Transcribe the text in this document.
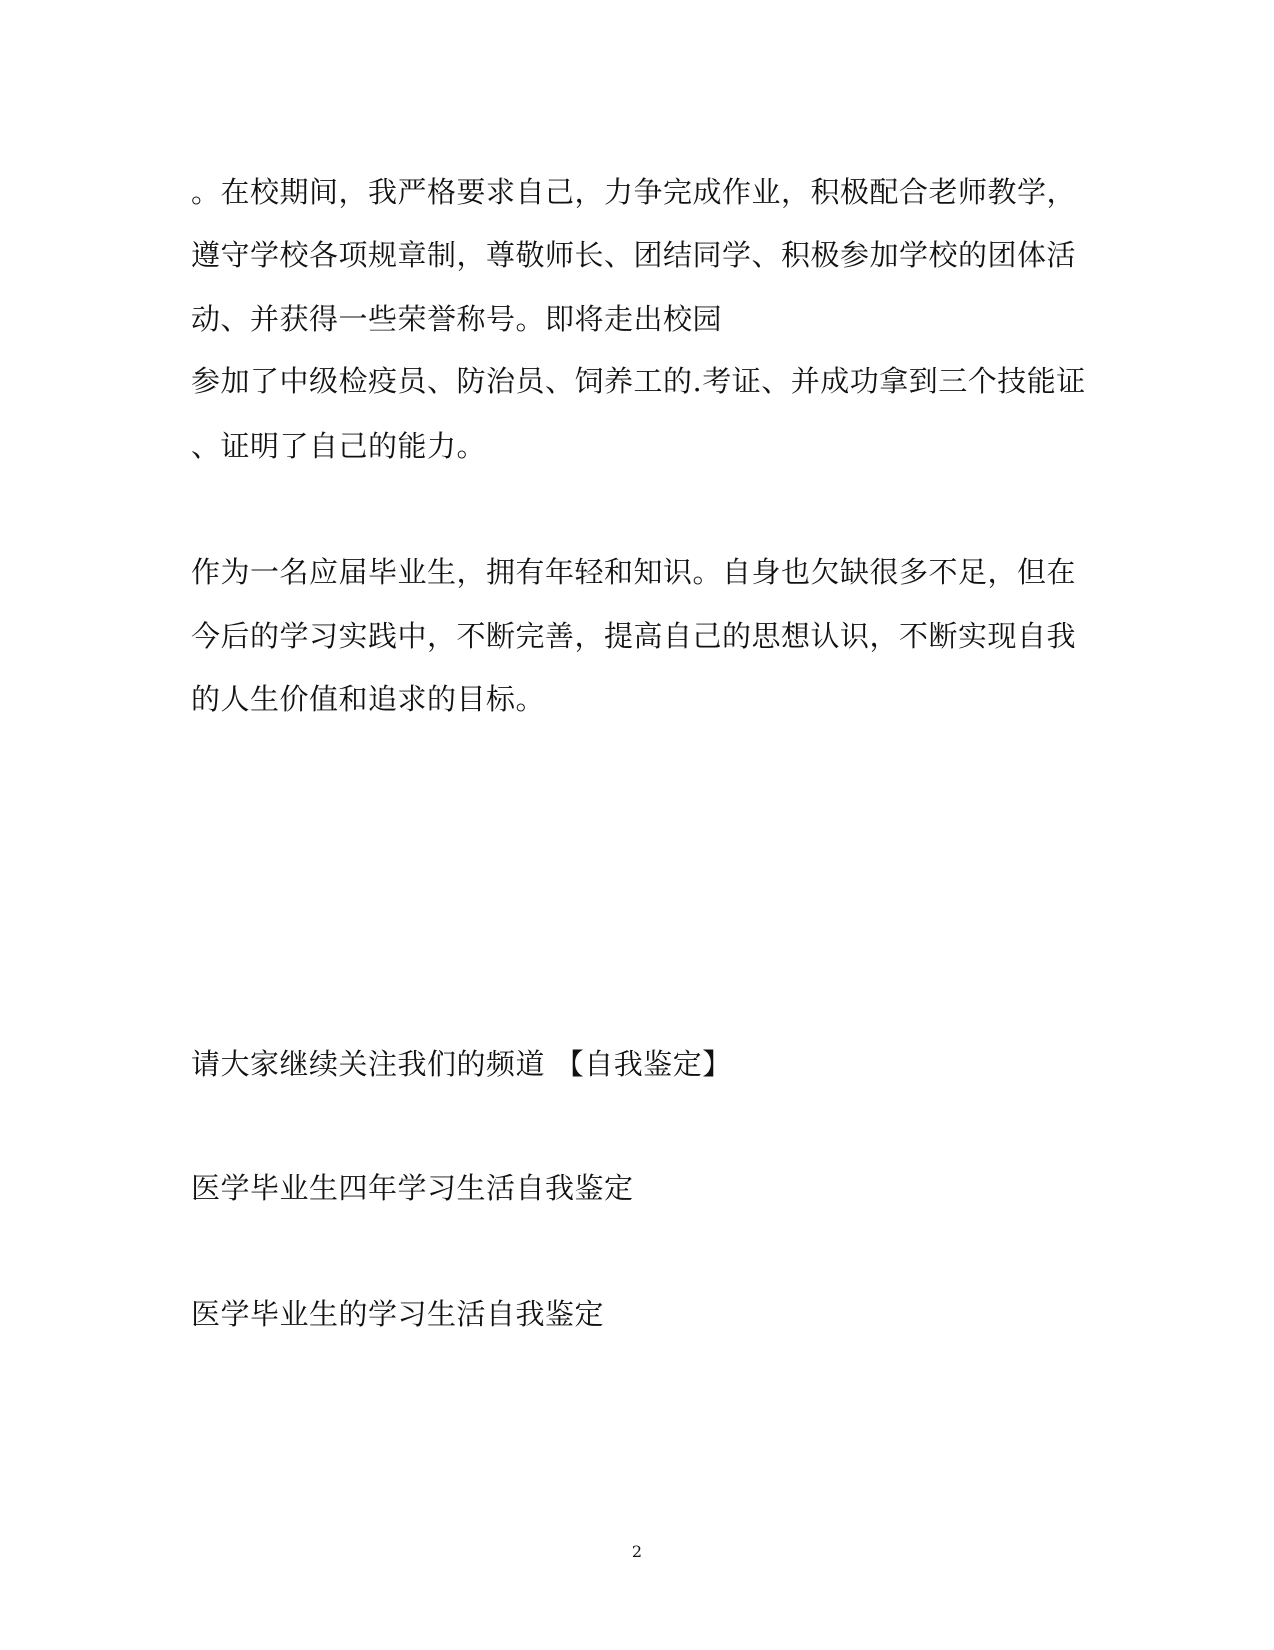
。在校期间，我严格要求自己，力争完成作业，积极配合老师教学，
遵守学校各项规章制，尊敬师长、团结同学、积极参加学校的团体活
动、并获得一些荣誉称号。即将走出校园
参加了中级检疫员、防治员、饲养工的.考证、并成功拿到三个技能证
、证明了自己的能力。
作为一名应届毕业生，拥有年轻和知识。自身也欠缺很多不足，但在
今后的学习实践中，不断完善，提高自己的思想认识，不断实现自我
的人生价值和追求的目标。
请大家继续关注我们的频道 【自我鉴定】
医学毕业生四年学习生活自我鉴定
医学毕业生的学习生活自我鉴定
2
